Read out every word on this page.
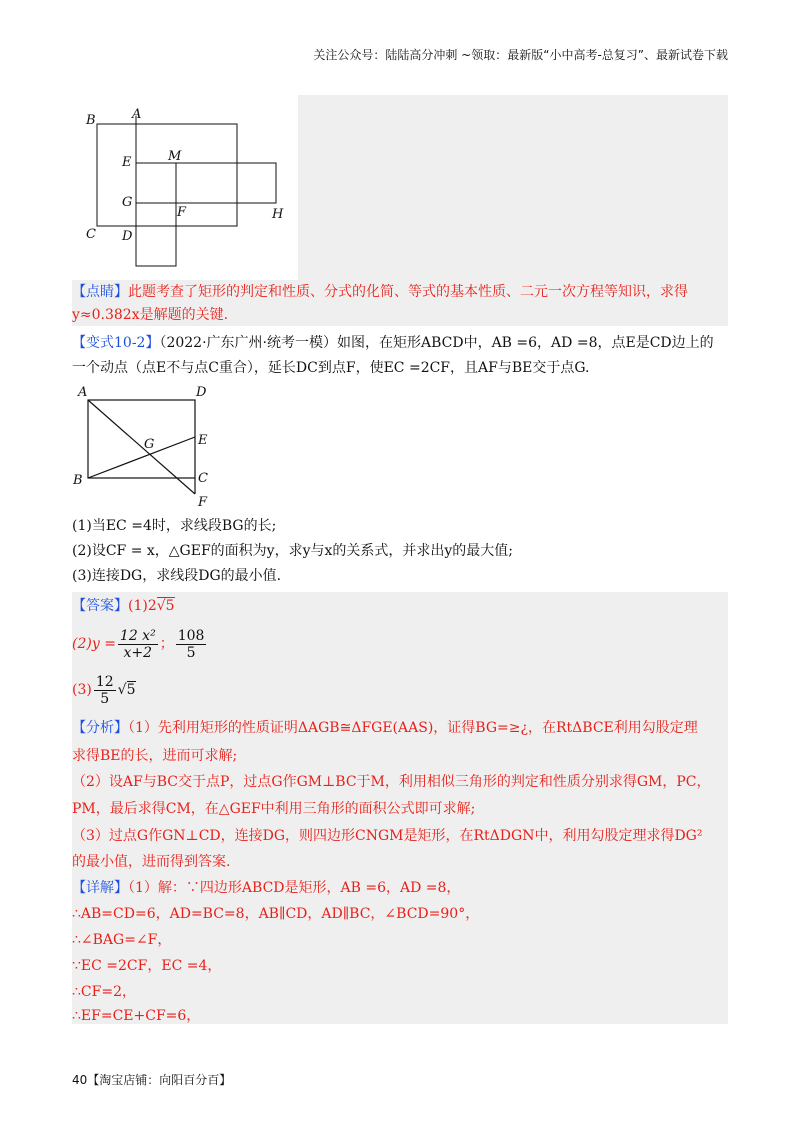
关注公众号：陆陆高分冲刺 ~领取：最新版“小中高考-总复习”、最新试卷下载
B	A
E	M
G
F	H
C D
【点睛】此题考查了矩形的判定和性质、分式的化简、等式的基本性质、二元一次方程等知识，求得
y≈0.382x是解题的关键.
【变式10-2】（2022·广东广州·统考一模）如图，在矩形ABCD中，AB =6，AD =8，点E是CD边上的
一个动点（点E不与点C重合），延长DC到点F，使EC =2CF，且AF与BE交于点G.
A	D
G	E
B	C
F
(1)当EC =4时，求线段BG的长;
(2)设CF = x，△GEF的面积为y，求y与x的关系式，并求出y的最大值;
(3)连接DG，求线段DG的最小值.
【答案】(1)2√5
$(2)y = \frac{\text{12 x²}}{x+2}$ ； $\frac{108}{5}$
$(3) \frac{12}{5} √5$
【分析】（1）先利用矩形的性质证明ΔAGB≅ΔFGE(AAS)，证得BG=≥¿，在RtΔBCE利用勾股定理
求得BE的长，进而可求解;
（2）设AF与BC交于点P，过点G作GM⊥BC于M，利用相似三角形的判定和性质分别求得GM，PC，
PM，最后求得CM，在△GEF中利用三角形的面积公式即可求解;
（3）过点G作GN⊥CD，连接DG，则四边形CNGM是矩形，在RtΔDGN中，利用勾股定理求得DG²
的最小值，进而得到答案.
【详解】（1）解：∵四边形ABCD是矩形，AB =6，AD =8，
∴AB=CD=6，AD=BC=8，AB∥CD，AD∥BC，∠BCD=90°，
∴∠BAG=∠F，
∵EC =2CF，EC =4，
∴CF=2，
∴EF=CE+CF=6，
40【淘宝店铺：向阳百分百】
